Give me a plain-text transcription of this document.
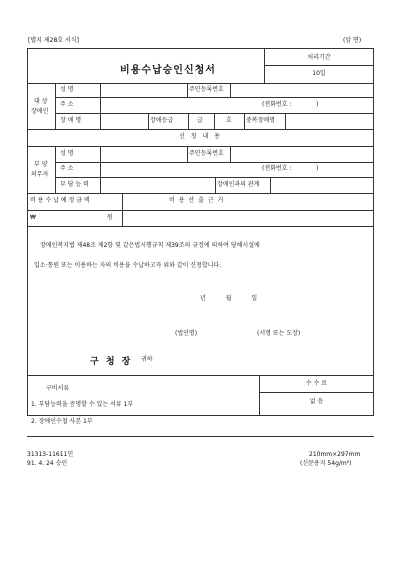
[별지 제28호 서식]	(앞 면)
비용수납승인신청서
처리기간
10일
대 상
장애인
성 명	주민등록번호
주 소	(전화번호 :	)
장 애 명	장애등급	급	호 중복장애명
신 청 내 용
부 양
의무자
성 명	주민등록번호
주 소	(전화번호 :	)
부 담 능 력	장애인과의 관계
비 용 수 납 예 정 금 액	비 용 산 출 근 거
₩	원
장애인복지법 제48조 제2항 및 같은법시행규칙 제39조의 규정에 의하여 당해시설에
입소·통원 또는 이용하는 자의 비용을 수납하고자 위와 같이 신청합니다.
년 월 일
(법인명)	(서명 또는 도장)
구 청 장 귀하
구비서류
1. 부담능력을 증명할 수 있는 서류 1부
2. 장애인수첩 사본 1부
수 수 료
없 음
31313-11611민
91. 4. 24 승인
210mm×297mm
(신문용지 54g/m²)
